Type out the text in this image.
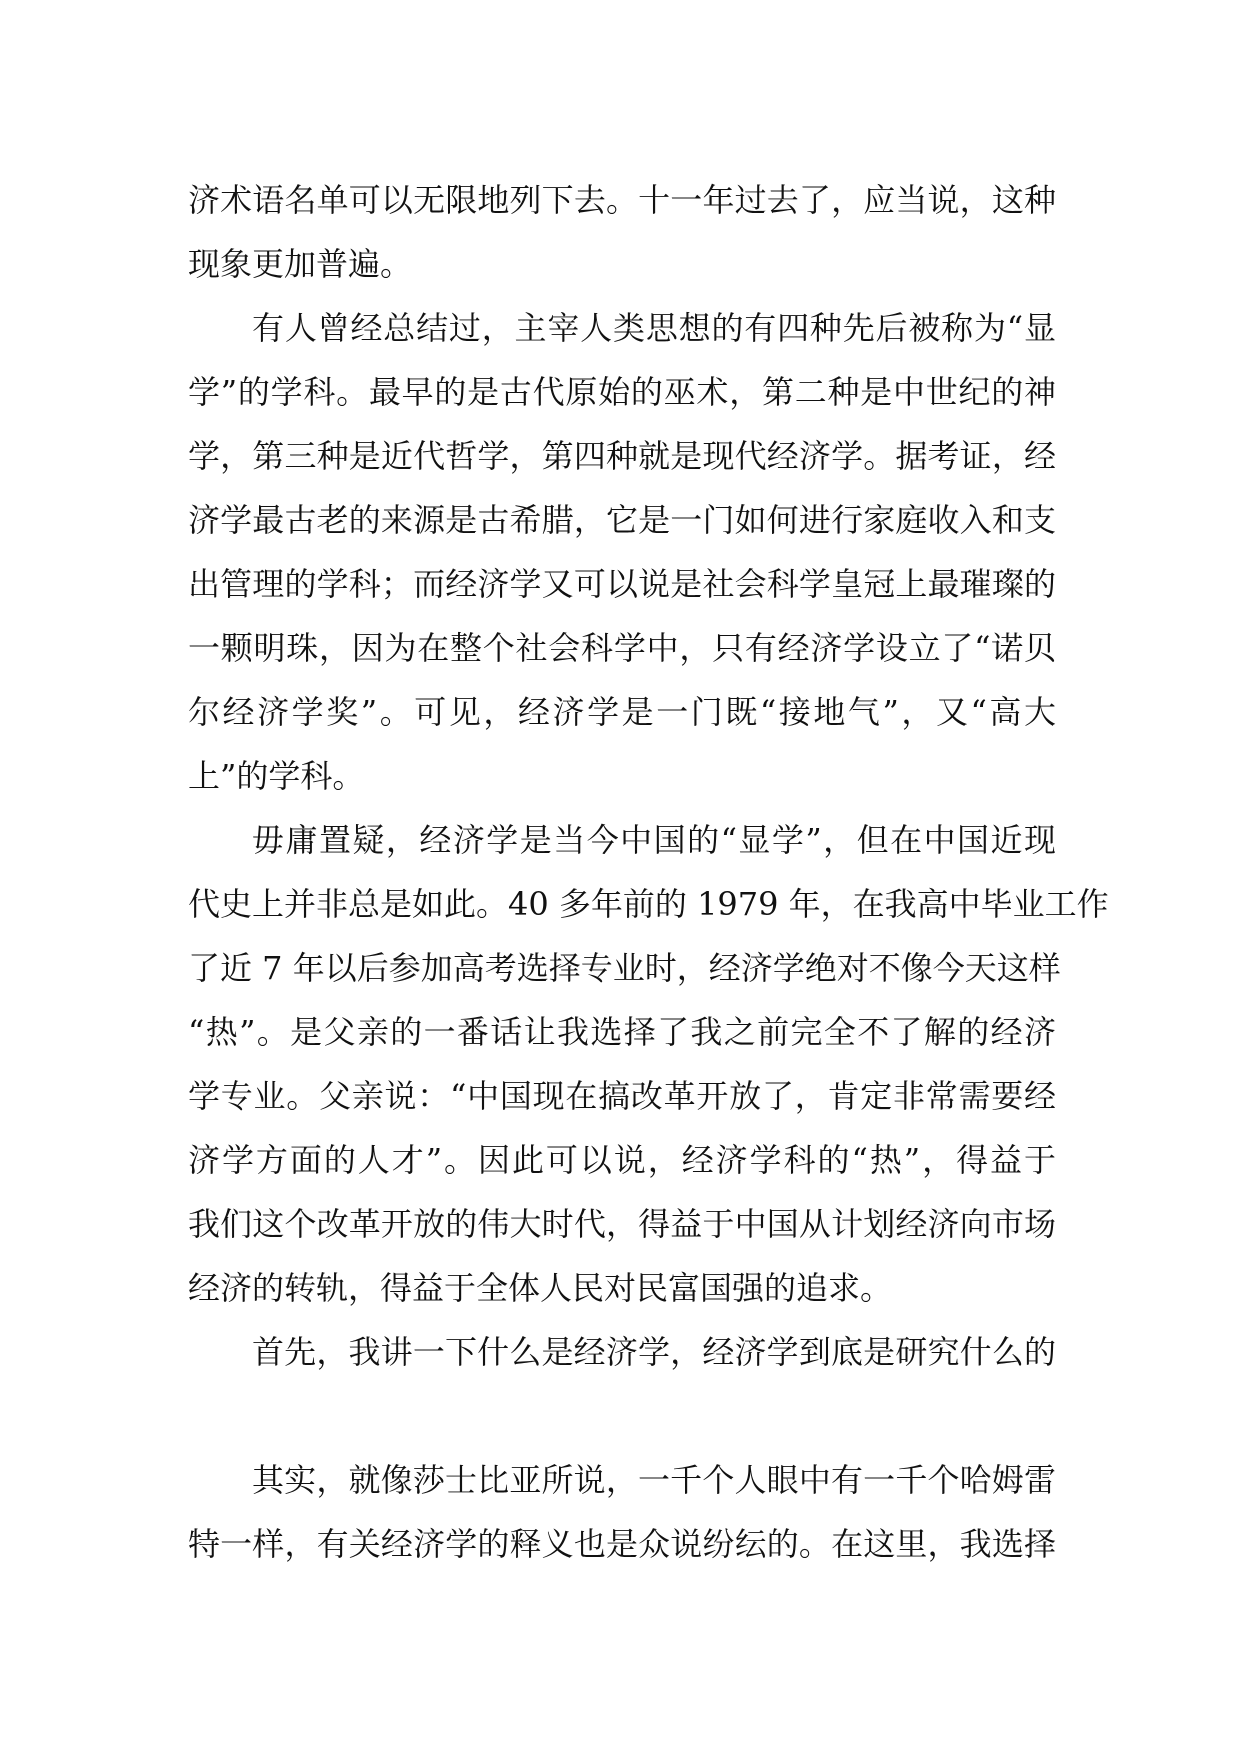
济术语名单可以无限地列下去。十一年过去了，应当说，这种
现象更加普遍。
有人曾经总结过，主宰人类思想的有四种先后被称为“显
学”的学科。最早的是古代原始的巫术，第二种是中世纪的神
学，第三种是近代哲学，第四种就是现代经济学。据考证，经
济学最古老的来源是古希腊，它是一门如何进行家庭收入和支
出管理的学科；而经济学又可以说是社会科学皇冠上最璀璨的
一颗明珠，因为在整个社会科学中，只有经济学设立了“诺贝
尔经济学奖”。可见，经济学是一门既“接地气”，又“高大
上”的学科。
毋庸置疑，经济学是当今中国的“显学”，但在中国近现
代史上并非总是如此。40 多年前的 1979 年，在我高中毕业工作
了近 7 年以后参加高考选择专业时，经济学绝对不像今天这样
“热”。是父亲的一番话让我选择了我之前完全不了解的经济
学专业。父亲说：“中国现在搞改革开放了，肯定非常需要经
济学方面的人才”。因此可以说，经济学科的“热”，得益于
我们这个改革开放的伟大时代，得益于中国从计划经济向市场
经济的转轨，得益于全体人民对民富国强的追求。
首先，我讲一下什么是经济学，经济学到底是研究什么的
其实，就像莎士比亚所说，一千个人眼中有一千个哈姆雷
特一样，有关经济学的释义也是众说纷纭的。在这里，我选择
